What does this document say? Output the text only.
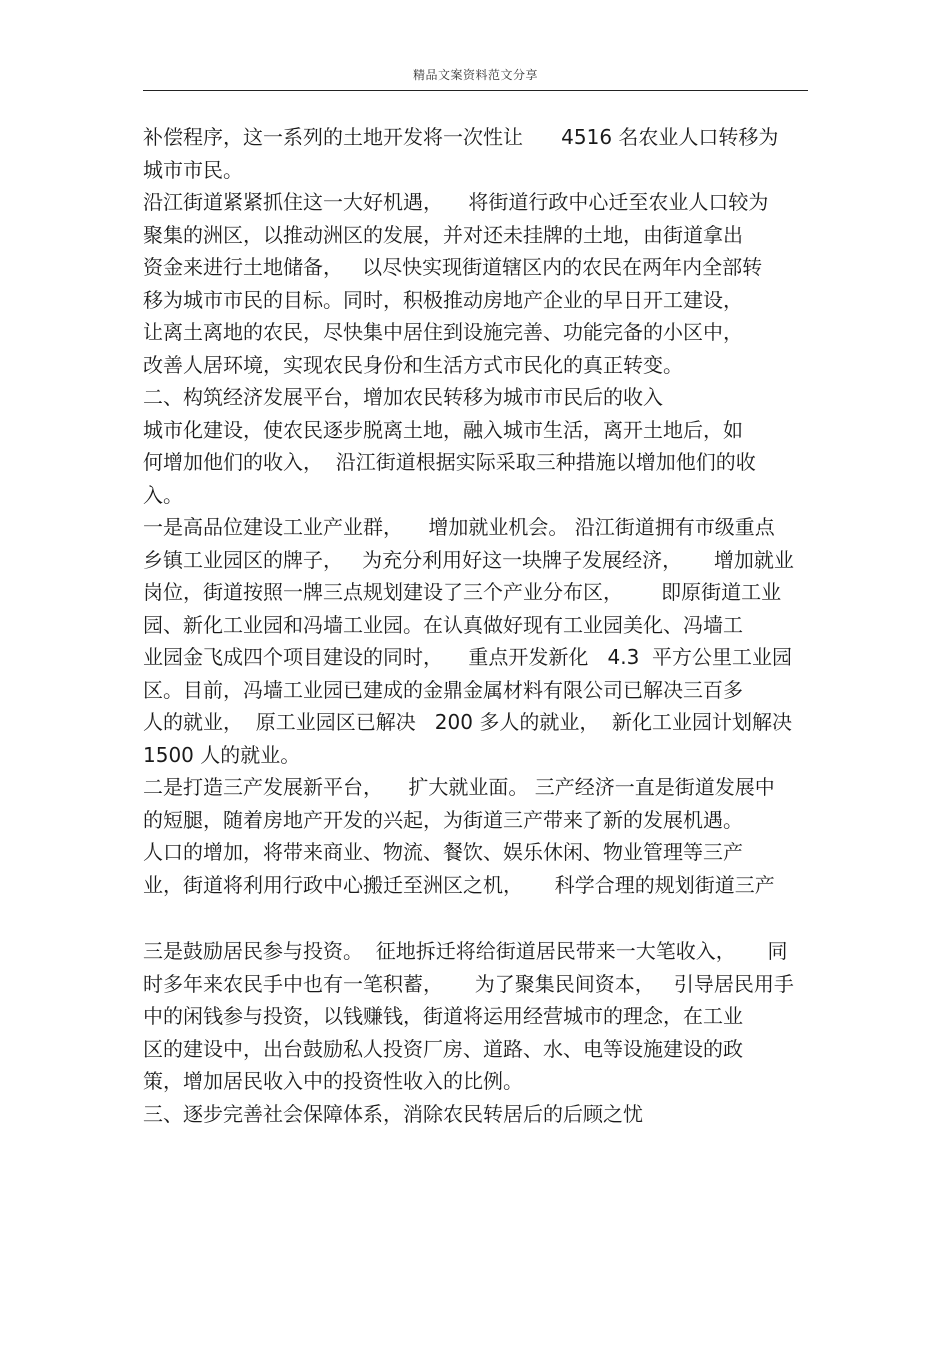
精品文案资料范文分享
补偿程序，这一系列的土地开发将一次性让      4516 名农业人口转移为
城市市民。
沿江街道紧紧抓住这一大好机遇，    将街道行政中心迁至农业人口较为
聚集的洲区，以推动洲区的发展，并对还未挂牌的土地，由街道拿出
资金来进行土地储备，   以尽快实现街道辖区内的农民在两年内全部转
移为城市市民的目标。同时，积极推动房地产企业的早日开工建设，
让离土离地的农民，尽快集中居住到设施完善、功能完备的小区中，
改善人居环境，实现农民身份和生活方式市民化的真正转变。
二、构筑经济发展平台，增加农民转移为城市市民后的收入
城市化建设，使农民逐步脱离土地，融入城市生活，离开土地后，如
何增加他们的收入，  沿江街道根据实际采取三种措施以增加他们的收
入。
一是高品位建设工业产业群，    增加就业机会。 沿江街道拥有市级重点
乡镇工业园区的牌子，   为充分利用好这一块牌子发展经济，     增加就业
岗位，街道按照一牌三点规划建设了三个产业分布区，      即原街道工业
园、新化工业园和冯墙工业园。在认真做好现有工业园美化、冯墙工
业园金飞成四个项目建设的同时，    重点开发新化   4.3  平方公里工业园
区。目前，冯墙工业园已建成的金鼎金属材料有限公司已解决三百多
人的就业，  原工业园区已解决   200 多人的就业，  新化工业园计划解决
1500 人的就业。
二是打造三产发展新平台，    扩大就业面。 三产经济一直是街道发展中
的短腿，随着房地产开发的兴起，为街道三产带来了新的发展机遇。
人口的增加，将带来商业、物流、餐饮、娱乐休闲、物业管理等三产
业，街道将利用行政中心搬迁至洲区之机，     科学合理的规划街道三产
三是鼓励居民参与投资。  征地拆迁将给街道居民带来一大笔收入，     同
时多年来农民手中也有一笔积蓄，     为了聚集民间资本，   引导居民用手
中的闲钱参与投资，以钱赚钱，街道将运用经营城市的理念，在工业
区的建设中，出台鼓励私人投资厂房、道路、水、电等设施建设的政
策，增加居民收入中的投资性收入的比例。
三、逐步完善社会保障体系，消除农民转居后的后顾之忧
